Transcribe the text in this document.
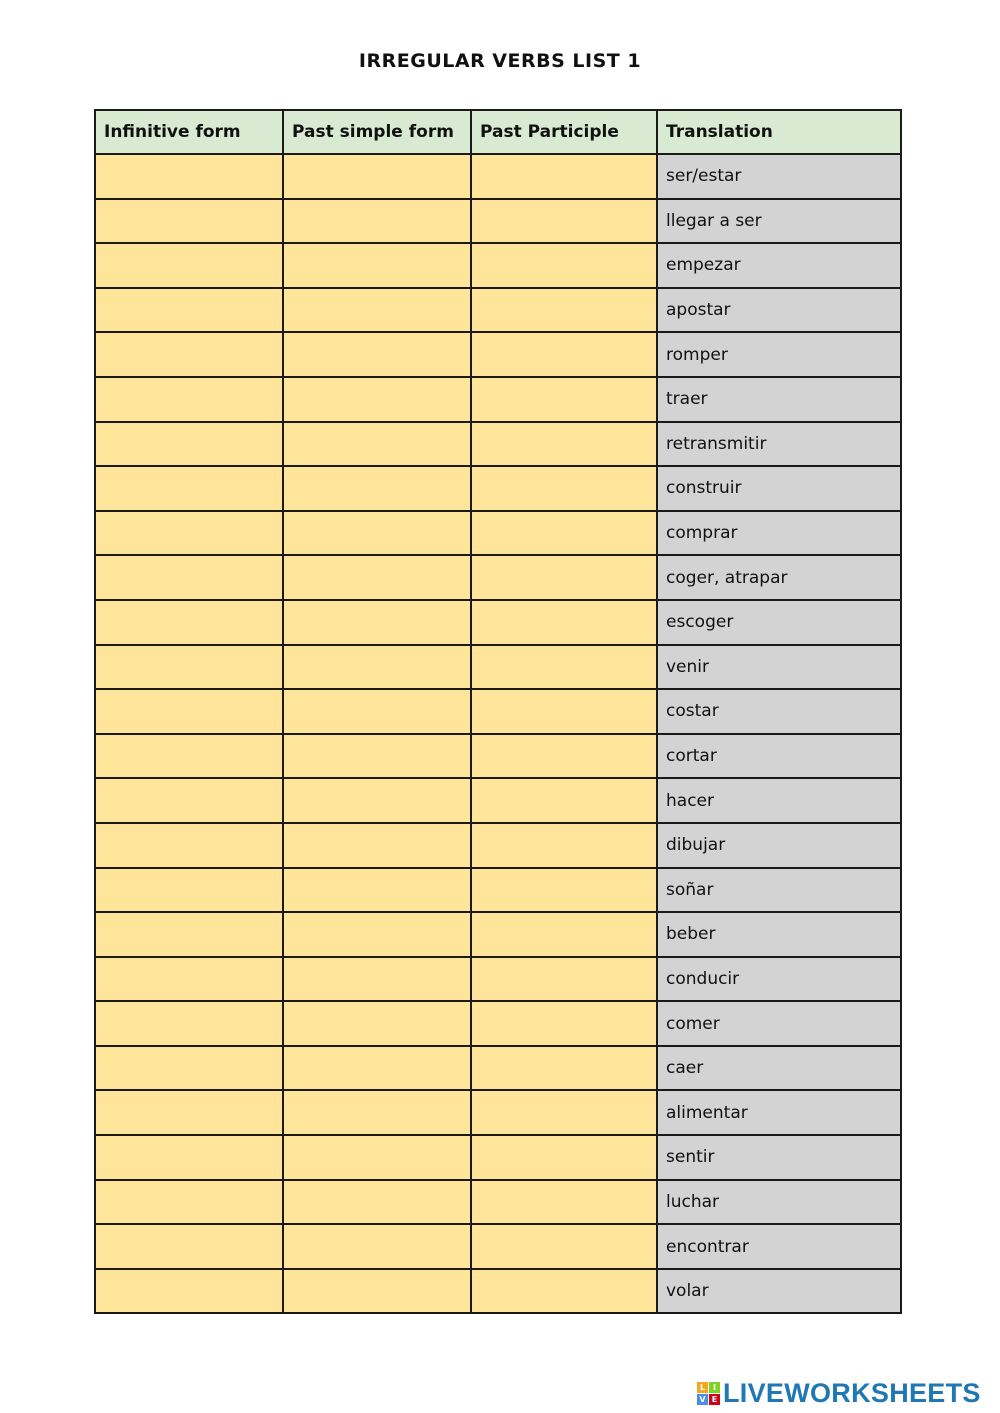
IRREGULAR VERBS LIST 1
Infinitive form	Past simple form	Past Participle	Translation
			ser/estar
			llegar a ser
			empezar
			apostar
			romper
			traer
			retransmitir
			construir
			comprar
			coger, atrapar
			escoger
			venir
			costar
			cortar
			hacer
			dibujar
			soñar
			beber
			conducir
			comer
			caer
			alimentar
			sentir
			luchar
			encontrar
			volar
L I
V E LIVEWORKSHEETS
